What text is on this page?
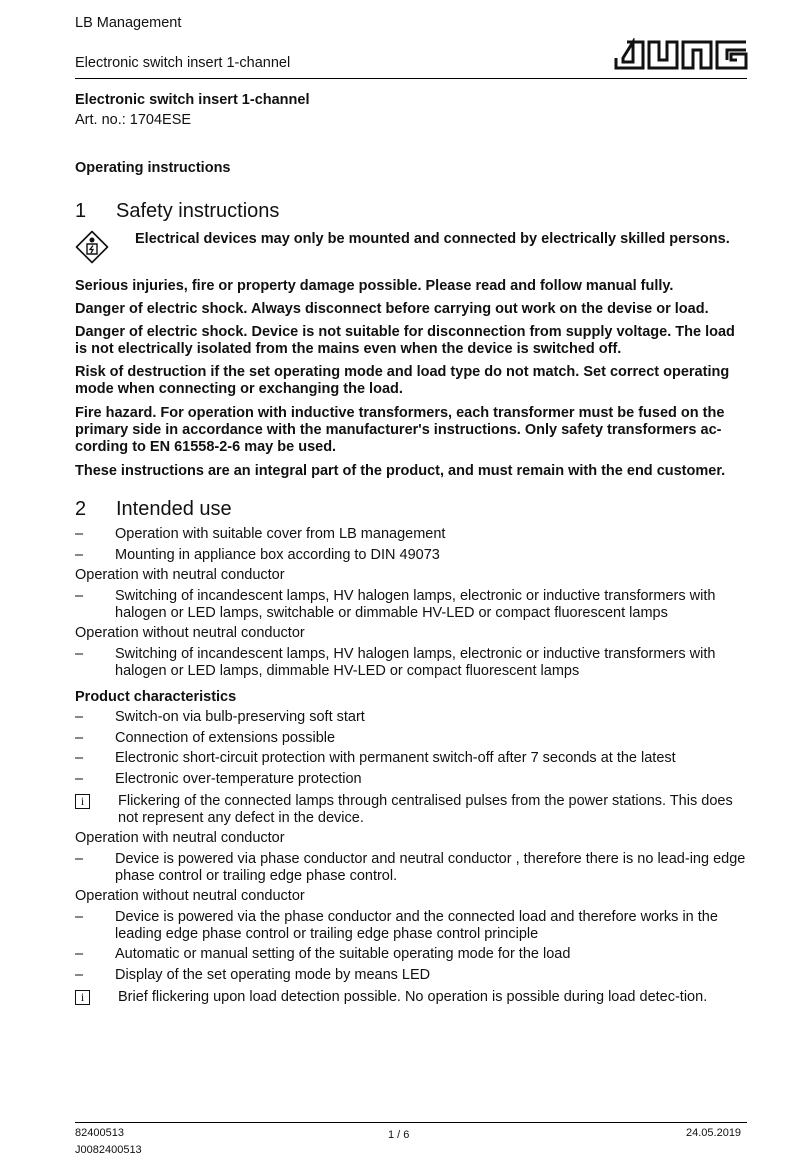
LB Management
Electronic switch insert 1-channel
JUNG
Electronic switch insert 1-channel
Art. no.: 1704ESE
Operating instructions
1 Safety instructions
Electrical devices may only be mounted and connected by electrically skilled persons.
Serious injuries, fire or property damage possible. Please read and follow manual fully.
Danger of electric shock. Always disconnect before carrying out work on the devise or load.
Danger of electric shock. Device is not suitable for disconnection from supply voltage. The load is not electrically isolated from the mains even when the device is switched off.
Risk of destruction if the set operating mode and load type do not match. Set correct operating mode when connecting or exchanging the load.
Fire hazard. For operation with inductive transformers, each transformer must be fused on the primary side in accordance with the manufacturer's instructions. Only safety transformers ac-cording to EN 61558-2-6 may be used.
These instructions are an integral part of the product, and must remain with the end customer.
2 Intended use
– Operation with suitable cover from LB management
– Mounting in appliance box according to DIN 49073
Operation with neutral conductor
– Switching of incandescent lamps, HV halogen lamps, electronic or inductive transformers with halogen or LED lamps, switchable or dimmable HV-LED or compact fluorescent lamps
Operation without neutral conductor
– Switching of incandescent lamps, HV halogen lamps, electronic or inductive transformers with halogen or LED lamps, dimmable HV-LED or compact fluorescent lamps
Product characteristics
– Switch-on via bulb-preserving soft start
– Connection of extensions possible
– Electronic short-circuit protection with permanent switch-off after 7 seconds at the latest
– Electronic over-temperature protection
i	Flickering of the connected lamps through centralised pulses from the power stations. This does not represent any defect in the device.
Operation with neutral conductor
– Device is powered via phase conductor and neutral conductor , therefore there is no lead-ing edge phase control or trailing edge phase control.
Operation without neutral conductor
– Device is powered via the phase conductor and the connected load and therefore works in the leading edge phase control or trailing edge phase control principle
– Automatic or manual setting of the suitable operating mode for the load
– Display of the set operating mode by means LED
i	Brief flickering upon load detection possible. No operation is possible during load detec-tion.
82400513
J0082400513
1 / 6	24.05.2019
